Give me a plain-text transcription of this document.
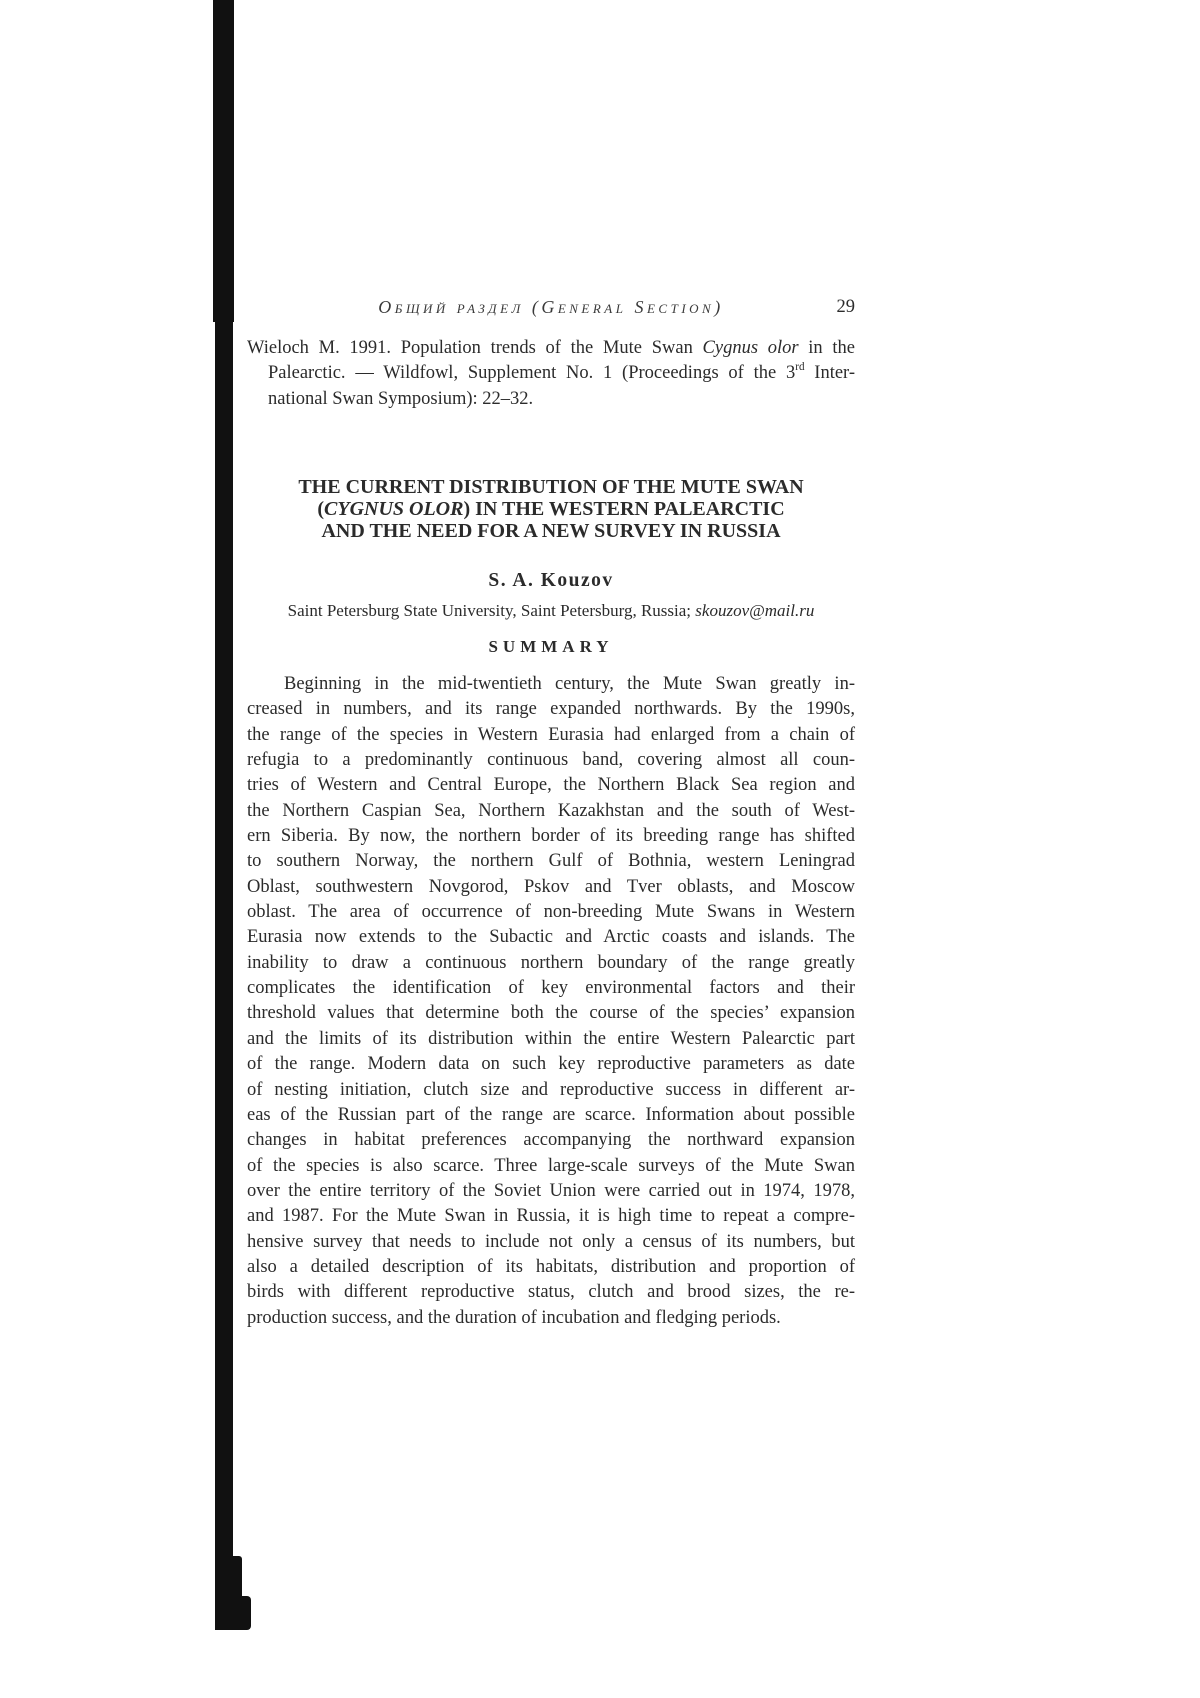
Общий раздел (General Section)	29
Wieloch M. 1991. Population trends of the Mute Swan Cygnus olor in the
Palearctic. — Wildfowl, Supplement No. 1 (Proceedings of the 3rd Inter-
national Swan Symposium): 22–32.
THE CURRENT DISTRIBUTION OF THE MUTE SWAN
(CYGNUS OLOR) IN THE WESTERN PALEARCTIC
AND THE NEED FOR A NEW SURVEY IN RUSSIA
S. A. Kouzov
Saint Petersburg State University, Saint Petersburg, Russia; skouzov@mail.ru
SUMMARY
Beginning in the mid-twentieth century, the Mute Swan greatly in-
creased in numbers, and its range expanded northwards. By the 1990s,
the range of the species in Western Eurasia had enlarged from a chain of
refugia to a predominantly continuous band, covering almost all coun-
tries of Western and Central Europe, the Northern Black Sea region and
the Northern Caspian Sea, Northern Kazakhstan and the south of West-
ern Siberia. By now, the northern border of its breeding range has shifted
to southern Norway, the northern Gulf of Bothnia, western Leningrad
Oblast, southwestern Novgorod, Pskov and Tver oblasts, and Moscow
oblast. The area of occurrence of non-breeding Mute Swans in Western
Eurasia now extends to the Subactic and Arctic coasts and islands. The
inability to draw a continuous northern boundary of the range greatly
complicates the identification of key environmental factors and their
threshold values that determine both the course of the species’ expansion
and the limits of its distribution within the entire Western Palearctic part
of the range. Modern data on such key reproductive parameters as date
of nesting initiation, clutch size and reproductive success in different ar-
eas of the Russian part of the range are scarce. Information about possible
changes in habitat preferences accompanying the northward expansion
of the species is also scarce. Three large-scale surveys of the Mute Swan
over the entire territory of the Soviet Union were carried out in 1974, 1978,
and 1987. For the Mute Swan in Russia, it is high time to repeat a compre-
hensive survey that needs to include not only a census of its numbers, but
also a detailed description of its habitats, distribution and proportion of
birds with different reproductive status, clutch and brood sizes, the re-
production success, and the duration of incubation and fledging periods.
